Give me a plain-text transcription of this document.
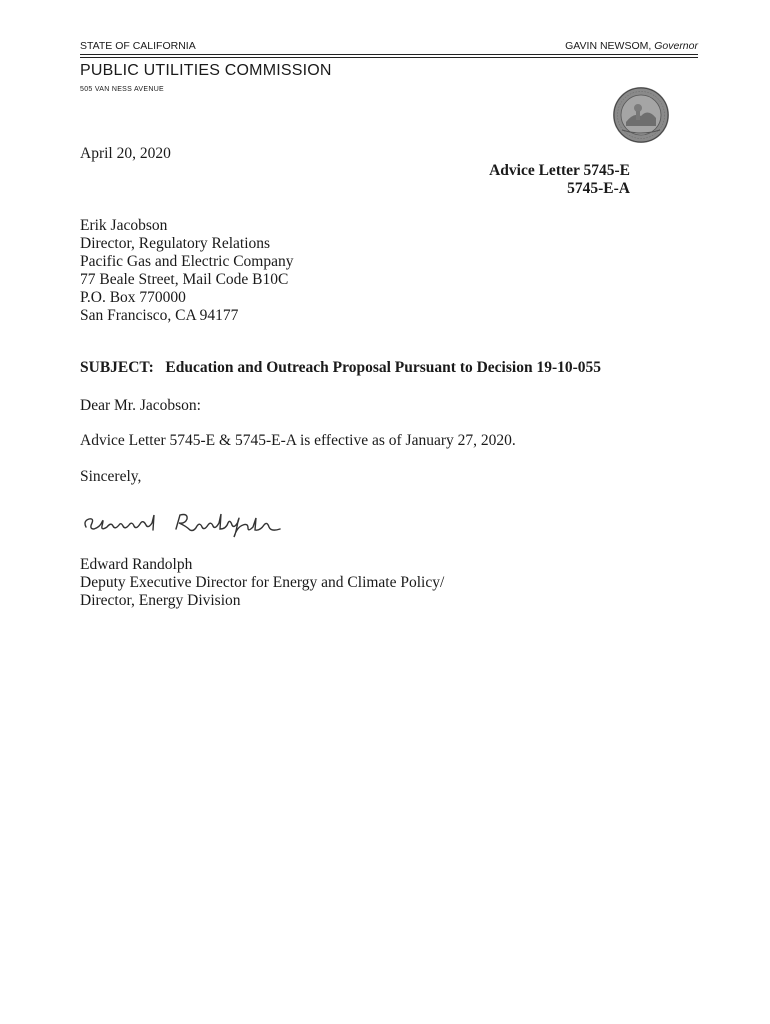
STATE OF CALIFORNIA	GAVIN NEWSOM, Governor
PUBLIC UTILITIES COMMISSION
505 VAN NESS AVENUE
April 20, 2020
Advice Letter 5745-E
5745-E-A
Erik Jacobson
Director, Regulatory Relations
Pacific Gas and Electric Company
77 Beale Street, Mail Code B10C
P.O. Box 770000
San Francisco, CA 94177
SUBJECT:   Education and Outreach Proposal Pursuant to Decision 19-10-055
Dear Mr. Jacobson:
Advice Letter 5745-E & 5745-E-A is effective as of January 27, 2020.
Sincerely,
Edward Randolph
Deputy Executive Director for Energy and Climate Policy/
Director, Energy Division
